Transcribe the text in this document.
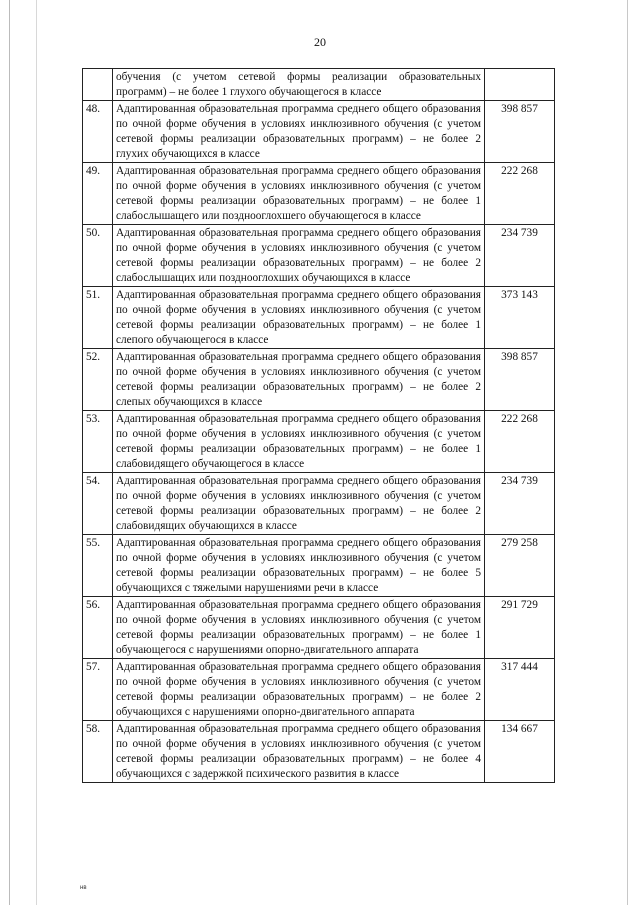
20
	обучения (с учетом сетевой формы реализации образовательных программ) – не более 1 глухого обучающегося в классе	
48.	Адаптированная образовательная программа среднего общего образования по очной форме обучения в условиях инклюзивного обучения (с учетом сетевой формы реализации образовательных программ) – не более 2 глухих обучающихся в классе	398 857
49.	Адаптированная образовательная программа среднего общего образования по очной форме обучения в условиях инклюзивного обучения (с учетом сетевой формы реализации образовательных программ) – не более 1 слабослышащего или позднооглохшего обучающегося в классе	222 268
50.	Адаптированная образовательная программа среднего общего образования по очной форме обучения в условиях инклюзивного обучения (с учетом сетевой формы реализации образовательных программ) – не более 2 слабослышащих или позднооглохших обучающихся в классе	234 739
51.	Адаптированная образовательная программа среднего общего образования по очной форме обучения в условиях инклюзивного обучения (с учетом сетевой формы реализации образовательных программ) – не более 1 слепого обучающегося в классе	373 143
52.	Адаптированная образовательная программа среднего общего образования по очной форме обучения в условиях инклюзивного обучения (с учетом сетевой формы реализации образовательных программ) – не более 2 слепых обучающихся в классе	398 857
53.	Адаптированная образовательная программа среднего общего образования по очной форме обучения в условиях инклюзивного обучения (с учетом сетевой формы реализации образовательных программ) – не более 1 слабовидящего обучающегося в классе	222 268
54.	Адаптированная образовательная программа среднего общего образования по очной форме обучения в условиях инклюзивного обучения (с учетом сетевой формы реализации образовательных программ) – не более 2 слабовидящих обучающихся в классе	234 739
55.	Адаптированная образовательная программа среднего общего образования по очной форме обучения в условиях инклюзивного обучения (с учетом сетевой формы реализации образовательных программ) – не более 5 обучающихся с тяжелыми нарушениями речи в классе	279 258
56.	Адаптированная образовательная программа среднего общего образования по очной форме обучения в условиях инклюзивного обучения (с учетом сетевой формы реализации образовательных программ) – не более 1 обучающегося с нарушениями опорно-двигательного аппарата	291 729
57.	Адаптированная образовательная программа среднего общего образования по очной форме обучения в условиях инклюзивного обучения (с учетом сетевой формы реализации образовательных программ) – не более 2 обучающихся с нарушениями опорно-двигательного аппарата	317 444
58.	Адаптированная образовательная программа среднего общего образования по очной форме обучения в условиях инклюзивного обучения (с учетом сетевой формы реализации образовательных программ) – не более 4 обучающихся с задержкой психического развития в классе	134 667
нв
